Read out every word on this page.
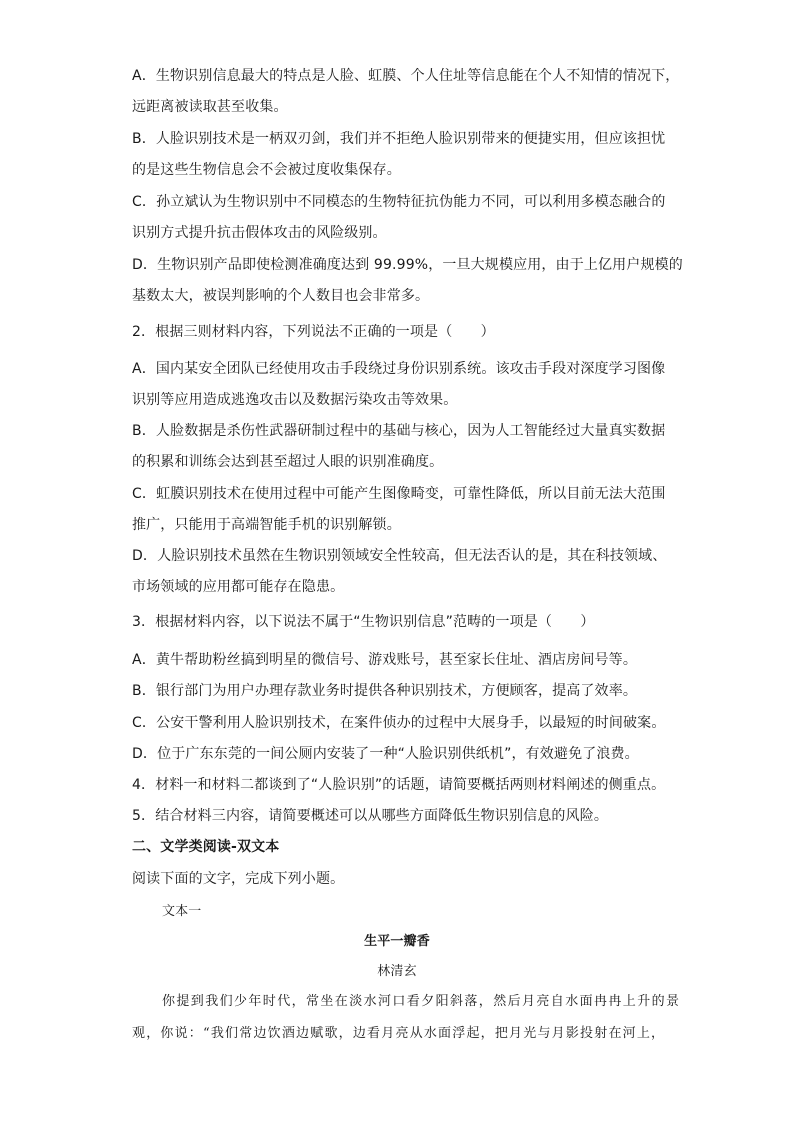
A．生物识别信息最大的特点是人脸、虹膜、个人住址等信息能在个人不知情的情况下，
远距离被读取甚至收集。
B．人脸识别技术是一柄双刃剑，我们并不拒绝人脸识别带来的便捷实用，但应该担忧
的是这些生物信息会不会被过度收集保存。
C．孙立斌认为生物识别中不同模态的生物特征抗伪能力不同，可以利用多模态融合的
识别方式提升抗击假体攻击的风险级别。
D．生物识别产品即使检测准确度达到 99.99%，一旦大规模应用，由于上亿用户规模的
基数太大，被误判影响的个人数目也会非常多。
2．根据三则材料内容，下列说法不正确的一项是（　　）
A．国内某安全团队已经使用攻击手段绕过身份识别系统。该攻击手段对深度学习图像
识别等应用造成逃逸攻击以及数据污染攻击等效果。
B．人脸数据是杀伤性武器研制过程中的基础与核心，因为人工智能经过大量真实数据
的积累和训练会达到甚至超过人眼的识别准确度。
C．虹膜识别技术在使用过程中可能产生图像畸变，可靠性降低，所以目前无法大范围
推广，只能用于高端智能手机的识别解锁。
D．人脸识别技术虽然在生物识别领域安全性较高，但无法否认的是，其在科技领域、
市场领域的应用都可能存在隐患。
3．根据材料内容，以下说法不属于“生物识别信息”范畴的一项是（　　）
A．黄牛帮助粉丝搞到明星的微信号、游戏账号，甚至家长住址、酒店房间号等。
B．银行部门为用户办理存款业务时提供各种识别技术，方便顾客，提高了效率。
C．公安干警利用人脸识别技术，在案件侦办的过程中大展身手，以最短的时间破案。
D．位于广东东莞的一间公厕内安装了一种“人脸识别供纸机”，有效避免了浪费。
4．材料一和材料二都谈到了“人脸识别”的话题，请简要概括两则材料阐述的侧重点。
5．结合材料三内容，请简要概述可以从哪些方面降低生物识别信息的风险。
二、文学类阅读-双文本
阅读下面的文字，完成下列小题。
文本一
生平一瓣香
林清玄
你提到我们少年时代，常坐在淡水河口看夕阳斜落，然后月亮自水面冉冉上升的景
观，你说：“我们常边饮酒边赋歌，边看月亮从水面浮起，把月光与月影投射在河上，
